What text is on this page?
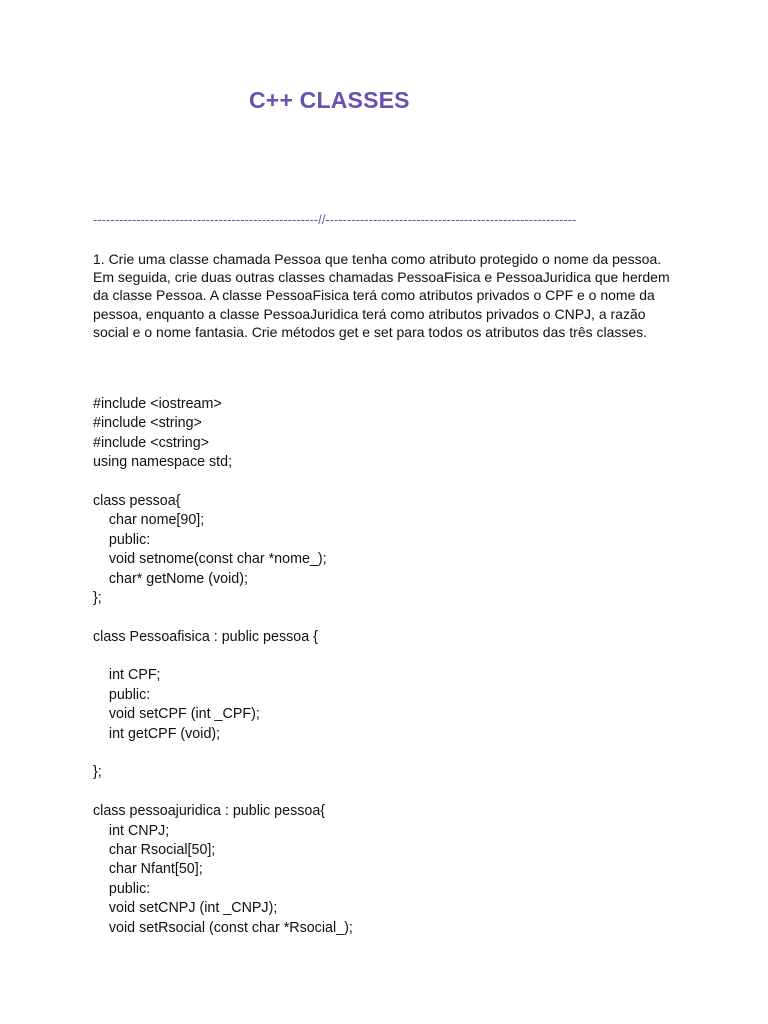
C++ CLASSES
----------------------------------------------------//----------------------------------------------------------

1. Crie uma classe chamada Pessoa que tenha como atributo protegido o nome da pessoa. Em seguida, crie duas outras classes chamadas PessoaFisica e PessoaJuridica que herdem da classe Pessoa. A classe PessoaFisica terá como atributos privados o CPF e o nome da pessoa, enquanto a classe PessoaJuridica terá como atributos privados o CNPJ, a razão social e o nome fantasia. Crie métodos get e set para todos os atributos das três classes.

#include <iostream>
#include <string>
#include <cstring>
using namespace std;
class pessoa{
char nome[90];
public:
void setnome(const char *nome_);
char* getNome (void);
};
class Pessoafisica : public pessoa {
int CPF;
public:
void setCPF (int _CPF);
int getCPF (void);
};
class pessoajuridica : public pessoa{
int CNPJ;
char Rsocial[50];
char Nfant[50];
public:
void setCNPJ (int _CNPJ);
void setRsocial (const char *Rsocial_);
